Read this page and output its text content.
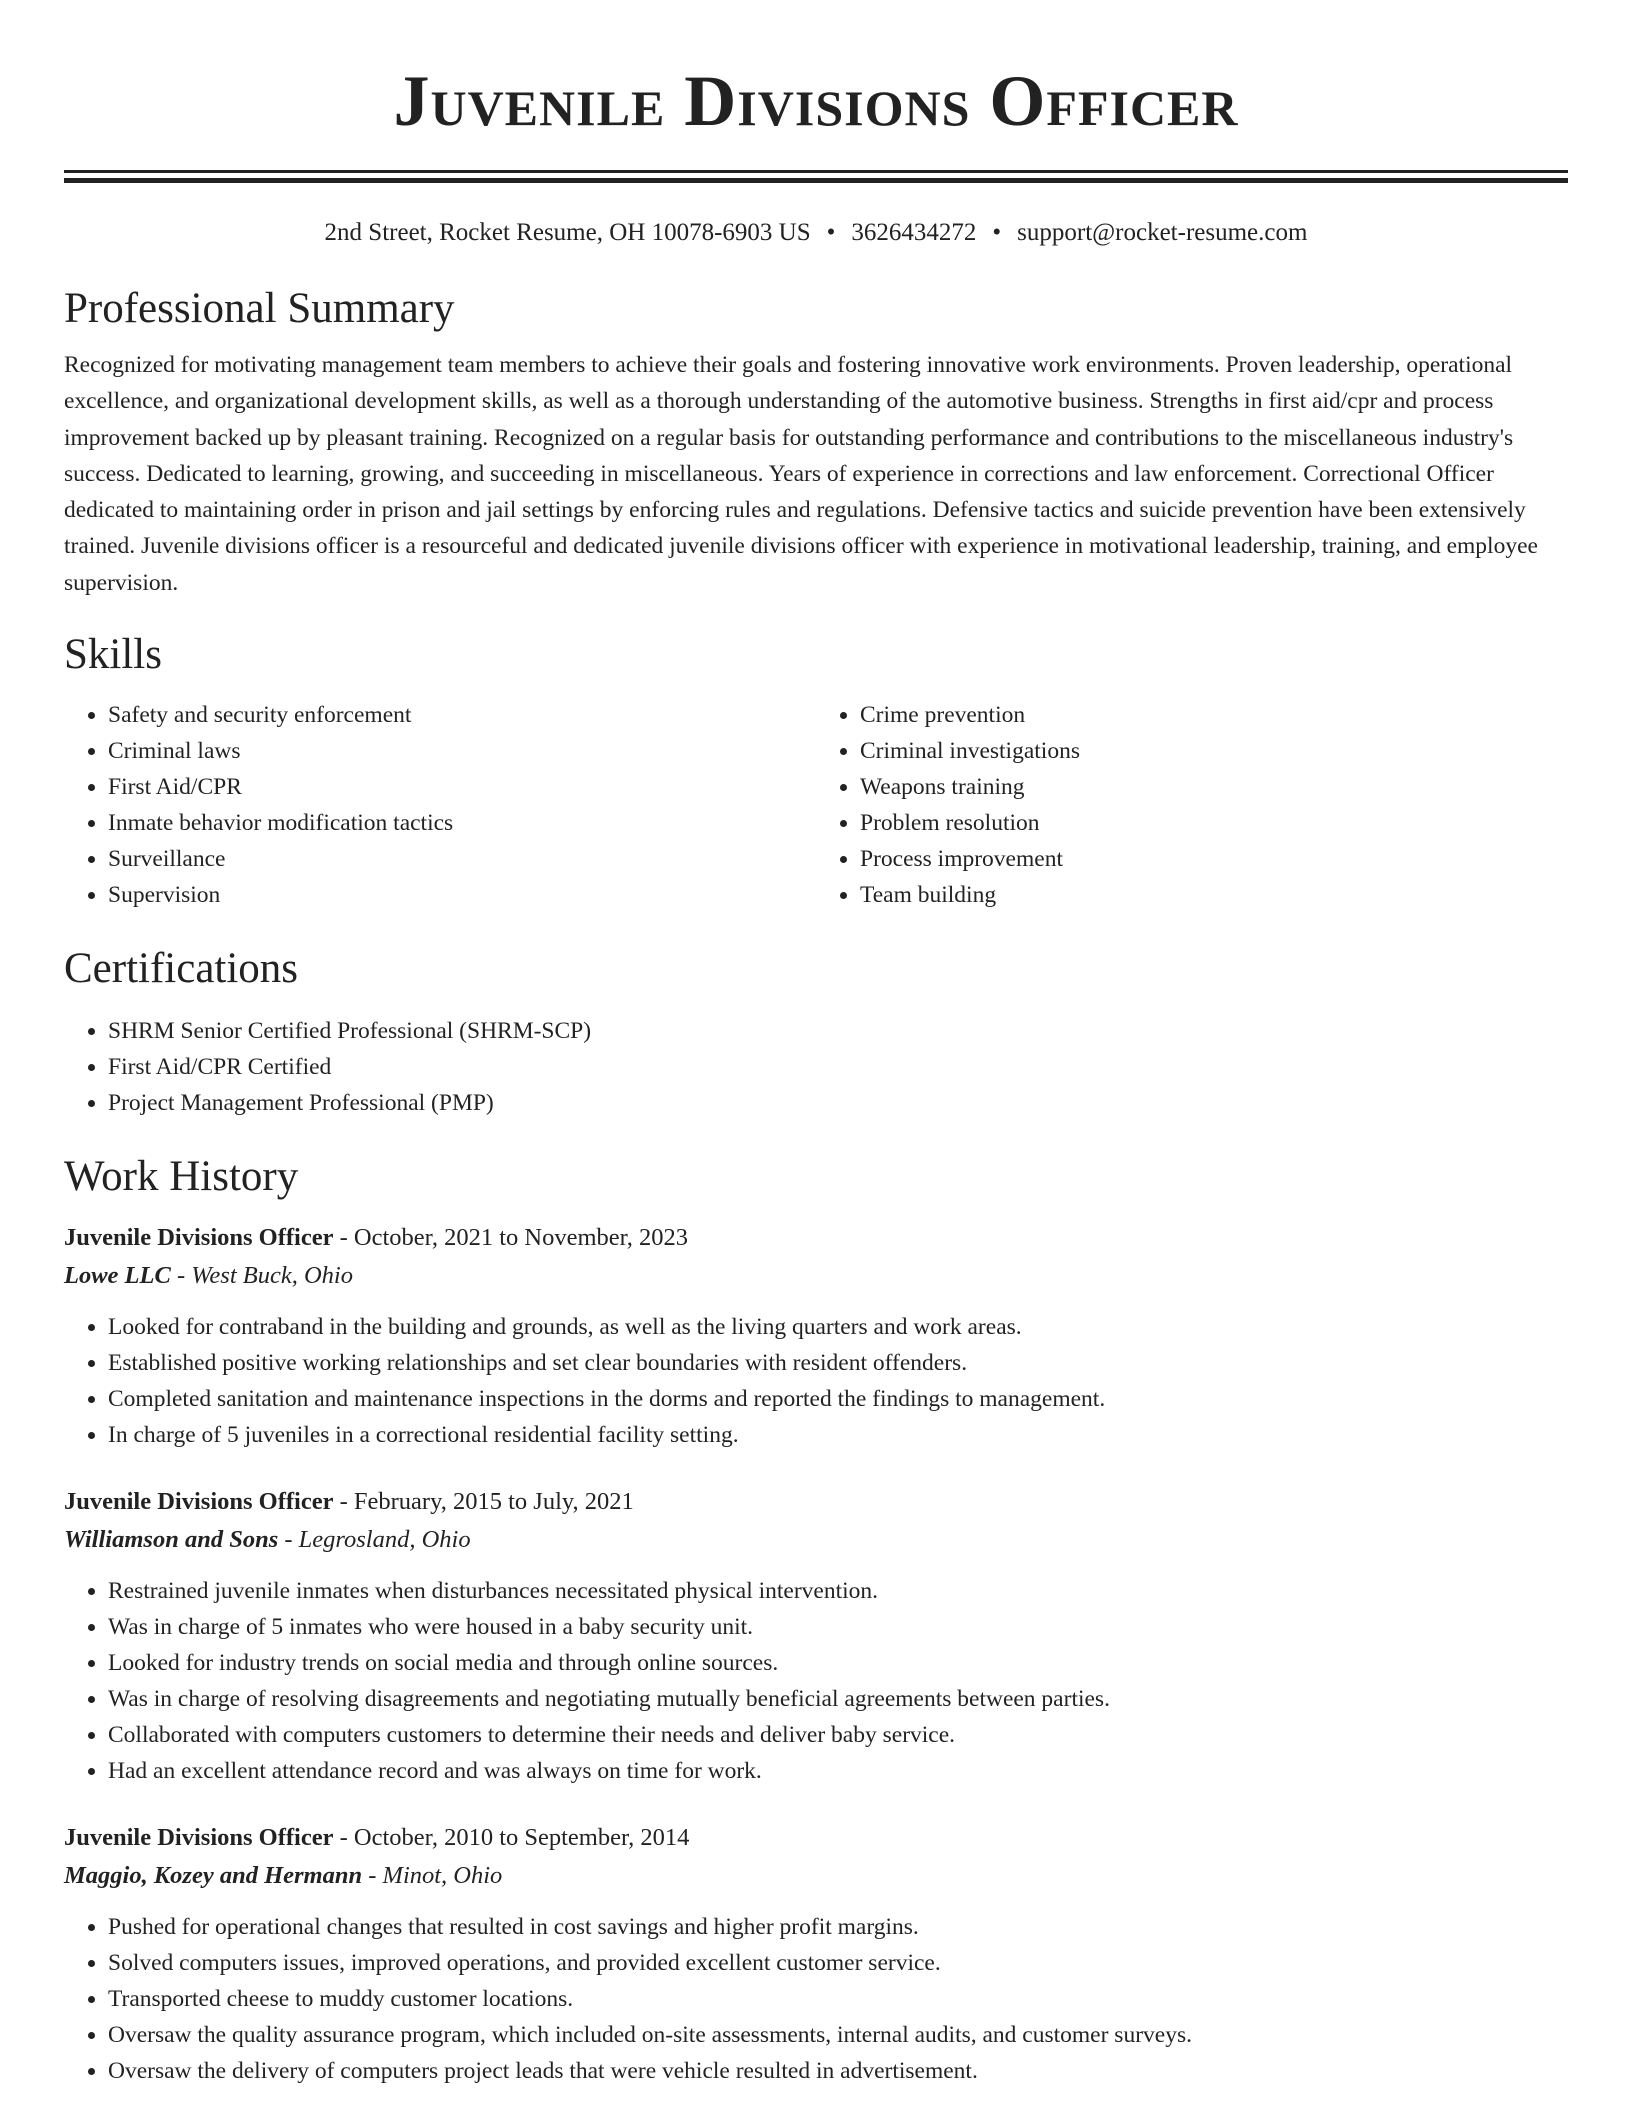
Juvenile Divisions Officer
2nd Street, Rocket Resume, OH 10078-6903 US • 3626434272 • support@rocket-resume.com
Professional Summary

Recognized for motivating management team members to achieve their goals and fostering innovative work environments. Proven leadership, operational excellence, and organizational development skills, as well as a thorough understanding of the automotive business. Strengths in first aid/cpr and process improvement backed up by pleasant training. Recognized on a regular basis for outstanding performance and contributions to the miscellaneous industry's success. Dedicated to learning, growing, and succeeding in miscellaneous. Years of experience in corrections and law enforcement. Correctional Officer dedicated to maintaining order in prison and jail settings by enforcing rules and regulations. Defensive tactics and suicide prevention have been extensively trained. Juvenile divisions officer is a resourceful and dedicated juvenile divisions officer with experience in motivational leadership, training, and employee supervision.

Skills
• Safety and security enforcement
• Criminal laws
• First Aid/CPR
• Inmate behavior modification tactics
• Surveillance
• Supervision
• Crime prevention
• Criminal investigations
• Weapons training
• Problem resolution
• Process improvement
• Team building
Certifications
• SHRM Senior Certified Professional (SHRM-SCP)
• First Aid/CPR Certified
• Project Management Professional (PMP)
Work History
Juvenile Divisions Officer - October, 2021 to November, 2023
Lowe LLC - West Buck, Ohio
• Looked for contraband in the building and grounds, as well as the living quarters and work areas.
• Established positive working relationships and set clear boundaries with resident offenders.
• Completed sanitation and maintenance inspections in the dorms and reported the findings to management.
• In charge of 5 juveniles in a correctional residential facility setting.
Juvenile Divisions Officer - February, 2015 to July, 2021
Williamson and Sons - Legrosland, Ohio
• Restrained juvenile inmates when disturbances necessitated physical intervention.
• Was in charge of 5 inmates who were housed in a baby security unit.
• Looked for industry trends on social media and through online sources.
• Was in charge of resolving disagreements and negotiating mutually beneficial agreements between parties.
• Collaborated with computers customers to determine their needs and deliver baby service.
• Had an excellent attendance record and was always on time for work.
Juvenile Divisions Officer - October, 2010 to September, 2014
Maggio, Kozey and Hermann - Minot, Ohio
• Pushed for operational changes that resulted in cost savings and higher profit margins.
• Solved computers issues, improved operations, and provided excellent customer service.
• Transported cheese to muddy customer locations.
• Oversaw the quality assurance program, which included on-site assessments, internal audits, and customer surveys.
• Oversaw the delivery of computers project leads that were vehicle resulted in advertisement.
